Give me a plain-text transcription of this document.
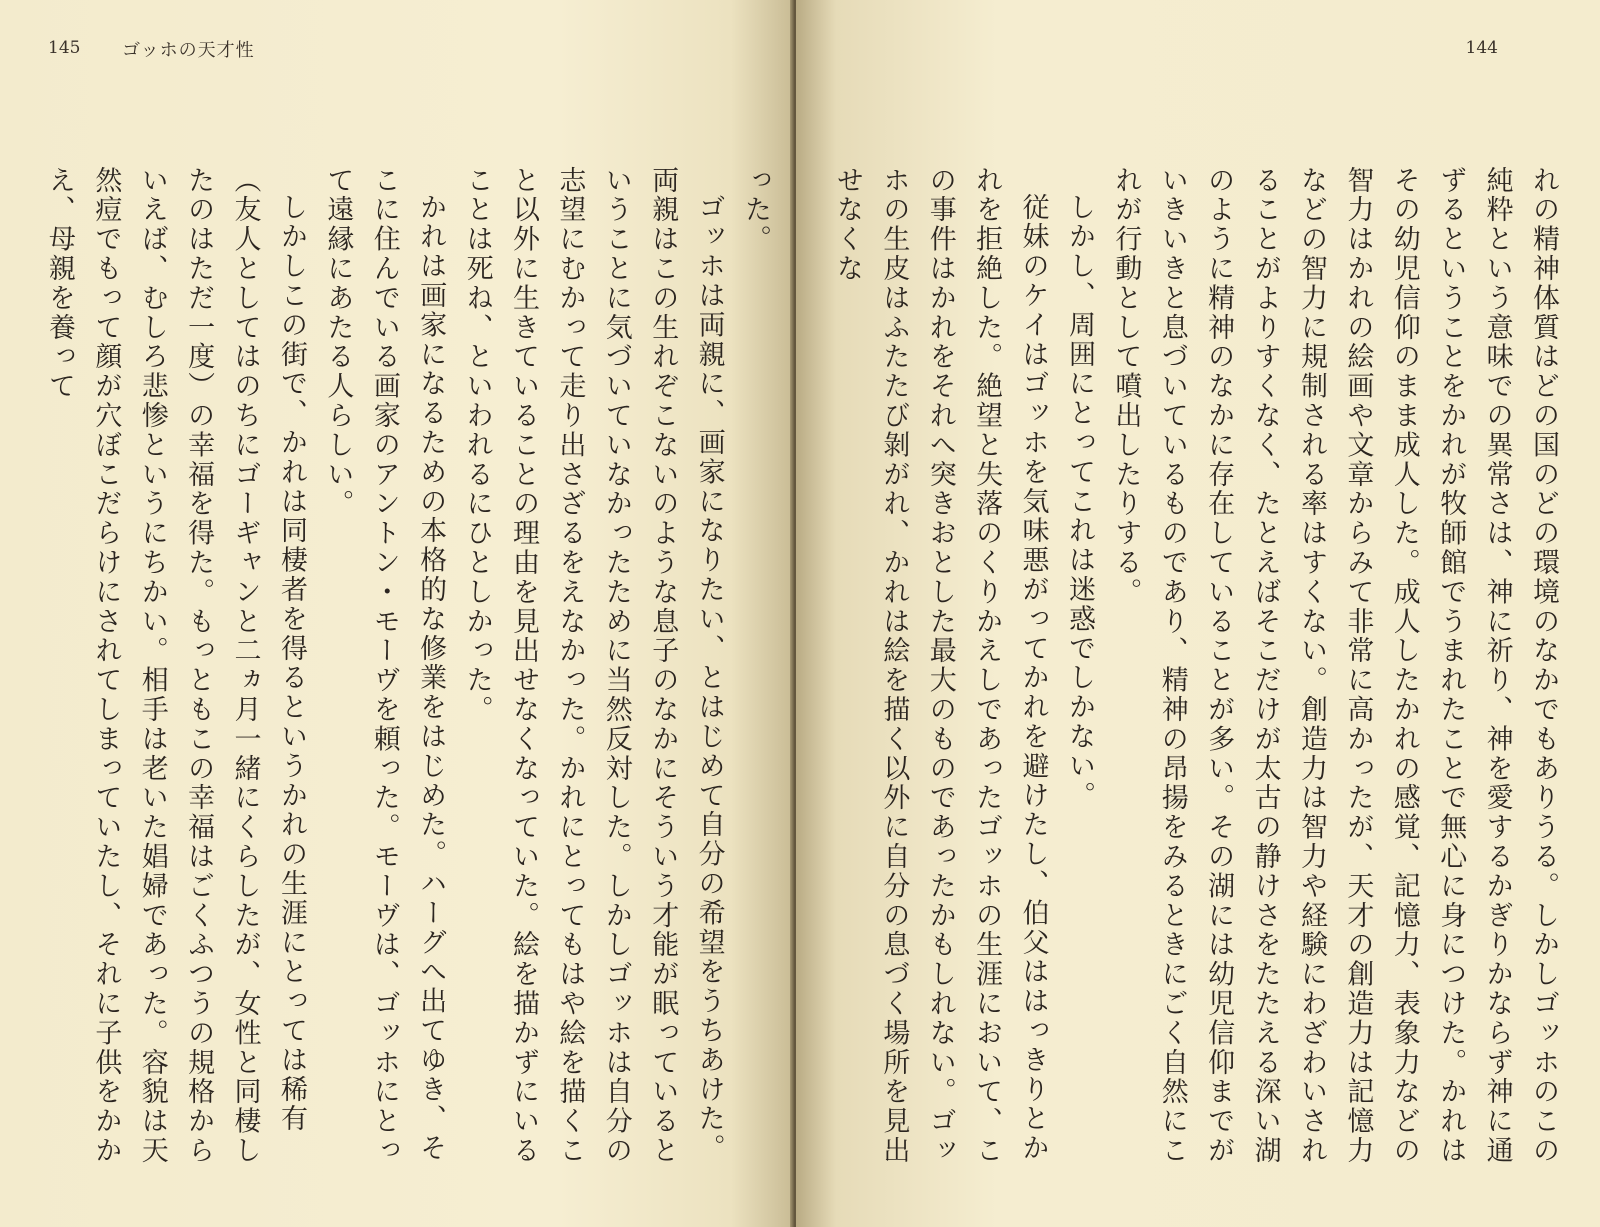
145 ゴッホの天才性

った。

ゴッホは両親に、画家になりたい、とはじめて自分の希望をうちあけた。両親はこの生れぞこないのような息子のなかにそういう才能が眠っているということに気づいていなかったために当然反対した。しかしゴッホは自分の志望にむかって走り出さざるをえなかった。かれにとってもはや絵を描くこと以外に生きていることの理由を見出せなくなっていた。絵を描かずにいることは死ね、といわれるにひとしかった。

かれは画家になるための本格的な修業をはじめた。ハーグへ出てゆき、そこに住んでいる画家のアントン・モーヴを頼った。モーヴは、ゴッホにとって遠縁にあたる人らしい。

しかしこの街で、かれは同棲者を得るというかれの生涯にとっては稀有（友人としてはのちにゴーギャンと二ヵ月一緒にくらしたが、女性と同棲したのはただ一度）の幸福を得た。もっともこの幸福はごくふつうの規格からいえば、むしろ悲惨というにちかい。相手は老いた娼婦であった。容貌は天然痘でもって顔が穴ぼこだらけにされてしまっていたし、それに子供をかかえ、母親を養って

144

れの精神体質はどの国のどの環境のなかでもありうる。しかしゴッホのこの純粋という意味での異常さは、神に祈り、神を愛するかぎりかならず神に通ずるということをかれが牧師館でうまれたことで無心に身につけた。かれはその幼児信仰のまま成人した。成人したかれの感覚、記憶力、表象力などの智力はかれの絵画や文章からみて非常に高かったが、天才の創造力は記憶力などの智力に規制される率はすくない。創造力は智力や経験にわざわいされることがよりすくなく、たとえばそこだけが太古の静けさをたたえる深い湖のように精神のなかに存在していることが多い。その湖には幼児信仰までがいきいきと息づいているものであり、精神の昂揚をみるときにごく自然にこれが行動として噴出したりする。

しかし、周囲にとってこれは迷惑でしかない。

従妹のケイはゴッホを気味悪がってかれを避けたし、伯父ははっきりとかれを拒絶した。絶望と失落のくりかえしであったゴッホの生涯において、この事件はかれをそれへ突きおとした最大のものであったかもしれない。ゴッホの生皮はふたたび剝がれ、かれは絵を描く以外に自分の息づく場所を見出せなくな
